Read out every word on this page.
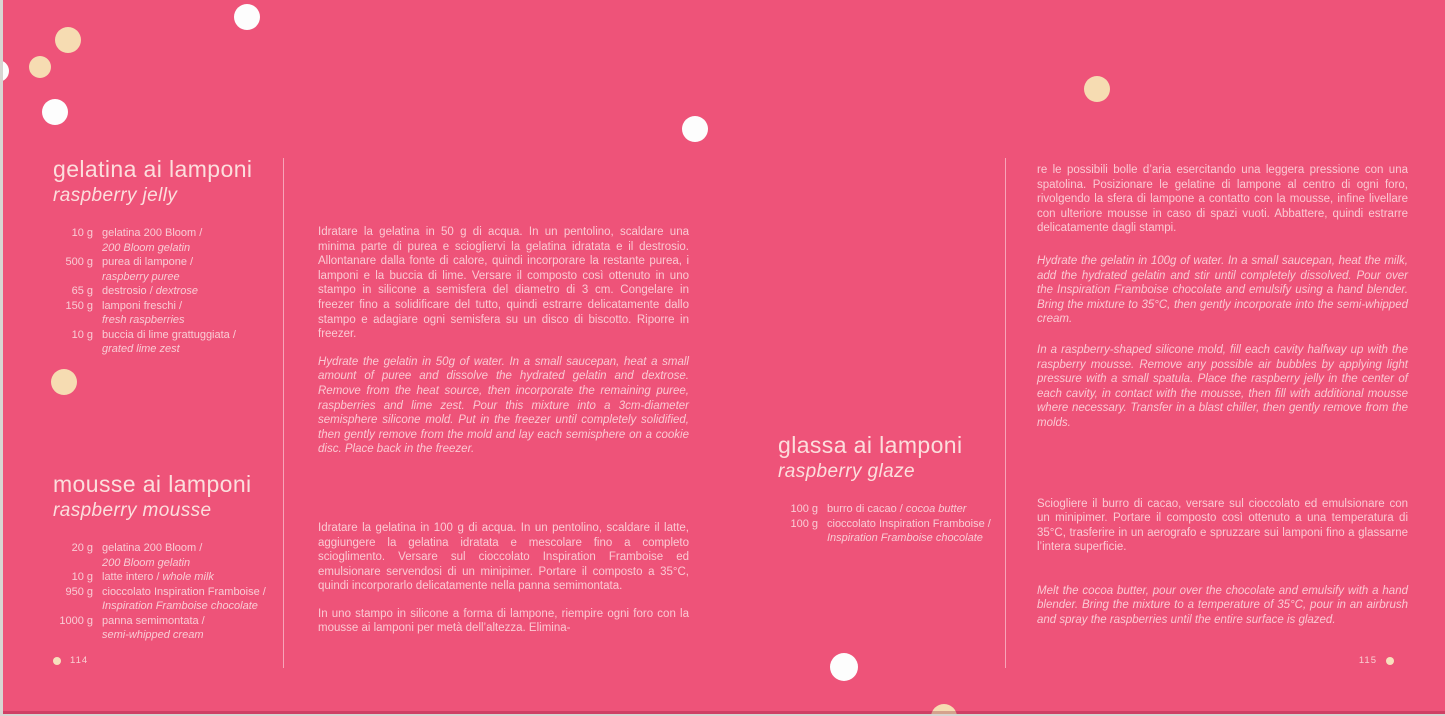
gelatina ai lamponi
raspberry jelly
10 g gelatina 200 Bloom /
200 Bloom gelatin
500 g purea di lampone /
raspberry puree
65 g destrosio / dextrose
150 g lamponi freschi /
fresh raspberries
10 g buccia di lime grattuggiata /
grated lime zest
mousse ai lamponi
raspberry mousse
20 g gelatina 200 Bloom /
200 Bloom gelatin
10 g latte intero / whole milk
950 g cioccolato Inspiration Framboise /
Inspiration Framboise chocolate
1000 g panna semimontata /
semi-whipped cream

Idratare la gelatina in 50 g di acqua. In un pentolino, scaldare una minima parte di purea e sciogliervi la gelatina idratata e il destrosio. Allontanare dalla fonte di calore, quindi incorporare la restante purea, i lamponi e la buccia di lime. Versare il composto così ottenuto in uno stampo in silicone a semisfera del diametro di 3 cm. Congelare in freezer fino a solidificare del tutto, quindi estrarre delicatamente dallo stampo e adagiare ogni semisfera su un disco di biscotto. Riporre in freezer.

Hydrate the gelatin in 50g of water. In a small saucepan, heat a small amount of puree and dissolve the hydrated gelatin and dextrose. Remove from the heat source, then incorporate the remaining puree, raspberries and lime zest. Pour this mixture into a 3cm-diameter semisphere silicone mold. Put in the freezer until completely solidified, then gently remove from the mold and lay each semisphere on a cookie disc. Place back in the freezer.

Idratare la gelatina in 100 g di acqua. In un pentolino, scaldare il latte, aggiungere la gelatina idratata e mescolare fino a completo scioglimento. Versare sul cioccolato Inspiration Framboise ed emulsionare servendosi di un minipimer. Portare il composto a 35°C, quindi incorporarlo delicatamente nella panna semimontata.

In uno stampo in silicone a forma di lampone, riempire ogni foro con la mousse ai lamponi per metà dell’altezza. Elimina-

glassa ai lamponi
raspberry glaze
100 g burro di cacao / cocoa butter
100 g cioccolato Inspiration Framboise /
Inspiration Framboise chocolate

re le possibili bolle d’aria esercitando una leggera pressione con una spatolina. Posizionare le gelatine di lampone al centro di ogni foro, rivolgendo la sfera di lampone a contatto con la mousse, infine livellare con ulteriore mousse in caso di spazi vuoti. Abbattere, quindi estrarre delicatamente dagli stampi.

Hydrate the gelatin in 100g of water. In a small saucepan, heat the milk, add the hydrated gelatin and stir until completely dissolved. Pour over the Inspiration Framboise chocolate and emulsify using a hand blender. Bring the mixture to 35°C, then gently incorporate into the semi-whipped cream.

In a raspberry-shaped silicone mold, fill each cavity halfway up with the raspberry mousse. Remove any possible air bubbles by applying light pressure with a small spatula. Place the raspberry jelly in the center of each cavity, in contact with the mousse, then fill with additional mousse where necessary. Transfer in a blast chiller, then gently remove from the molds.

Sciogliere il burro di cacao, versare sul cioccolato ed emulsionare con un minipimer. Portare il composto così ottenuto a una temperatura di 35°C, trasferire in un aerografo e spruzzare sui lamponi fino a glassarne l’intera superficie.

Melt the cocoa butter, pour over the chocolate and emulsify with a hand blender. Bring the mixture to a temperature of 35°C, pour in an airbrush and spray the raspberries until the entire surface is glazed.

114	115
